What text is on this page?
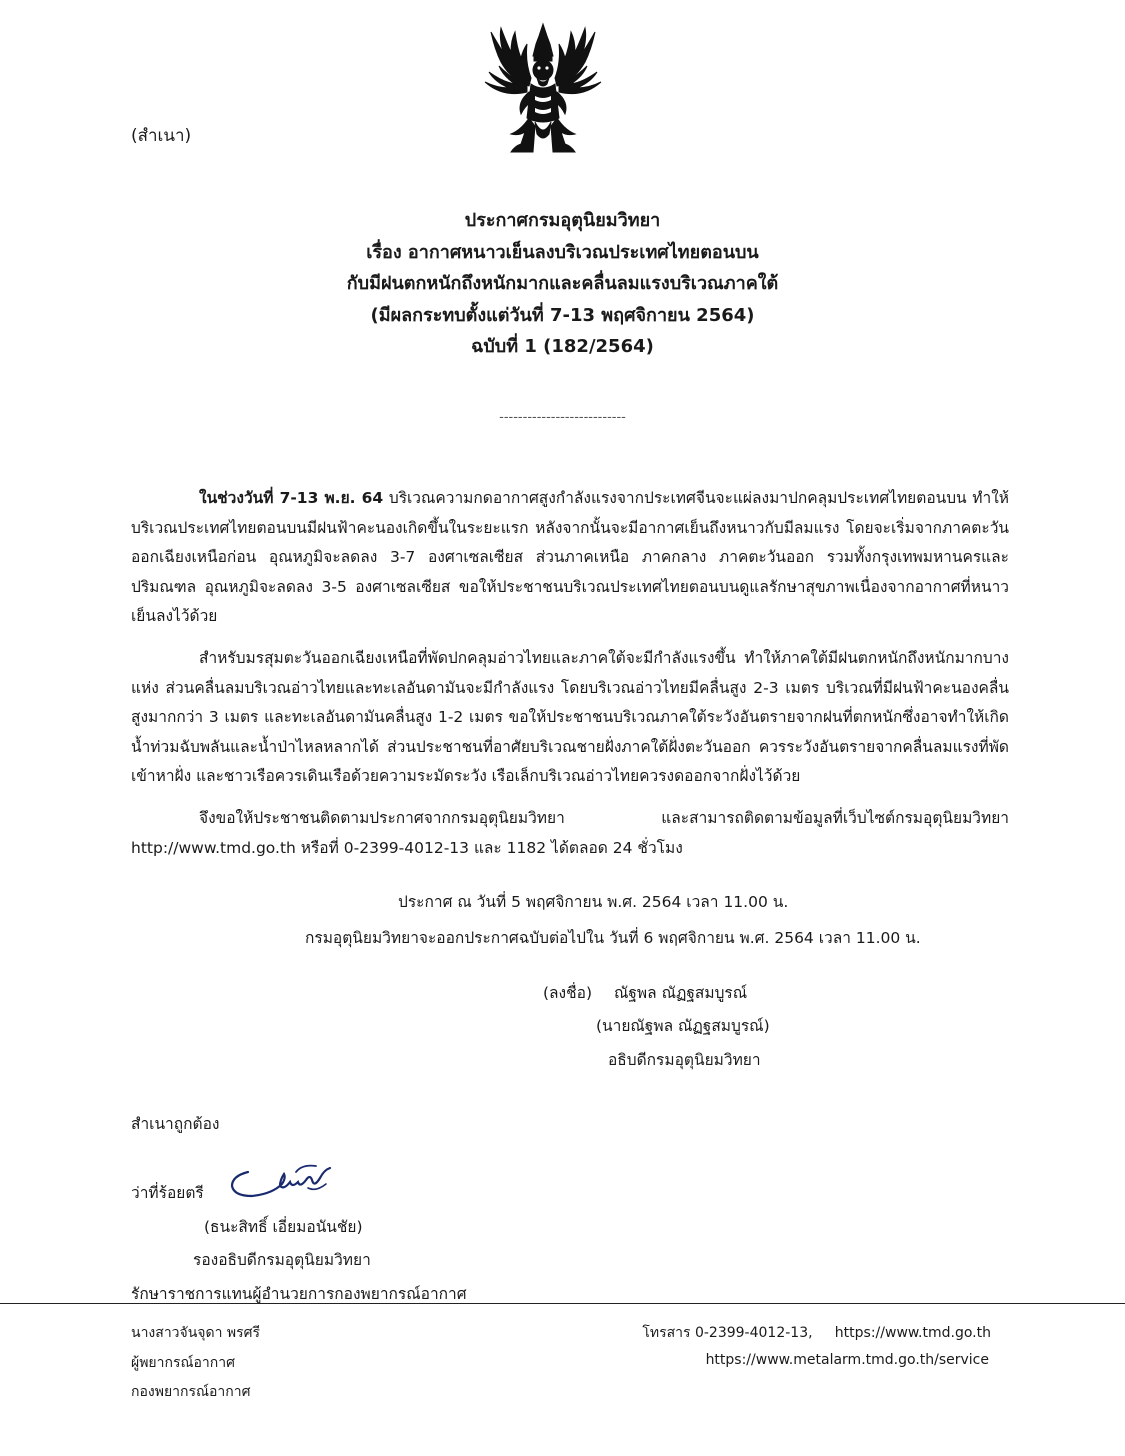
(สำเนา)
ประกาศกรมอุตุนิยมวิทยา
เรื่อง อากาศหนาวเย็นลงบริเวณประเทศไทยตอนบน
กับมีฝนตกหนักถึงหนักมากและคลื่นลมแรงบริเวณภาคใต้
(มีผลกระทบตั้งแต่วันที่ 7-13 พฤศจิกายน 2564)
ฉบับที่ 1 (182/2564)
---------------------------

ในช่วงวันที่ 7-13 พ.ย. 64 บริเวณความกดอากาศสูงกำลังแรงจากประเทศจีนจะแผ่ลงมาปกคลุมประเทศไทยตอนบน ทำให้บริเวณประเทศไทยตอนบนมีฝนฟ้าคะนองเกิดขึ้นในระยะแรก หลังจากนั้นจะมีอากาศเย็นถึงหนาวกับมีลมแรง โดยจะเริ่มจากภาคตะวันออกเฉียงเหนือก่อน อุณหภูมิจะลดลง 3-7 องศาเซลเซียส ส่วนภาคเหนือ ภาคกลาง ภาคตะวันออก รวมทั้งกรุงเทพมหานครและปริมณฑล อุณหภูมิจะลดลง 3-5 องศาเซลเซียส ขอให้ประชาชนบริเวณประเทศไทยตอนบนดูแลรักษาสุขภาพเนื่องจากอากาศที่หนาวเย็นลงไว้ด้วย

สำหรับมรสุมตะวันออกเฉียงเหนือที่พัดปกคลุมอ่าวไทยและภาคใต้จะมีกำลังแรงขึ้น ทำให้ภาคใต้มีฝนตกหนักถึงหนักมากบางแห่ง ส่วนคลื่นลมบริเวณอ่าวไทยและทะเลอันดามันจะมีกำลังแรง โดยบริเวณอ่าวไทยมีคลื่นสูง 2-3 เมตร บริเวณที่มีฝนฟ้าคะนองคลื่นสูงมากกว่า 3 เมตร และทะเลอันดามันคลื่นสูง 1-2 เมตร ขอให้ประชาชนบริเวณภาคใต้ระวังอันตรายจากฝนที่ตกหนักซึ่งอาจทำให้เกิดน้ำท่วมฉับพลันและน้ำป่าไหลหลากได้ ส่วนประชาชนที่อาศัยบริเวณชายฝั่งภาคใต้ฝั่งตะวันออก ควรระวังอันตรายจากคลื่นลมแรงที่พัดเข้าหาฝั่ง และชาวเรือควรเดินเรือด้วยความระมัดระวัง เรือเล็กบริเวณอ่าวไทยควรงดออกจากฝั่งไว้ด้วย

จึงขอให้ประชาชนติดตามประกาศจากกรมอุตุนิยมวิทยา และสามารถติดตามข้อมูลที่เว็บไซต์กรมอุตุนิยมวิทยา http://www.tmd.go.th หรือที่ 0-2399-4012-13 และ 1182 ได้ตลอด 24 ชั่วโมง

ประกาศ ณ วันที่ 5 พฤศจิกายน พ.ศ. 2564 เวลา 11.00 น.
กรมอุตุนิยมวิทยาจะออกประกาศฉบับต่อไปใน วันที่ 6 พฤศจิกายน พ.ศ. 2564 เวลา 11.00 น.
(ลงชื่อ) ณัฐพล ณัฏฐสมบูรณ์
(นายณัฐพล ณัฏฐสมบูรณ์)
อธิบดีกรมอุตุนิยมวิทยา
สำเนาถูกต้อง
ว่าที่ร้อยตรี
(ธนะสิทธิ์ เอี่ยมอนันชัย)
รองอธิบดีกรมอุตุนิยมวิทยา
รักษาราชการแทนผู้อำนวยการกองพยากรณ์อากาศ
นางสาวจันจุดา พรศรี
ผู้พยากรณ์อากาศ
กองพยากรณ์อากาศ
โทรสาร 0-2399-4012-13,     https://www.tmd.go.th
https://www.metalarm.tmd.go.th/service
